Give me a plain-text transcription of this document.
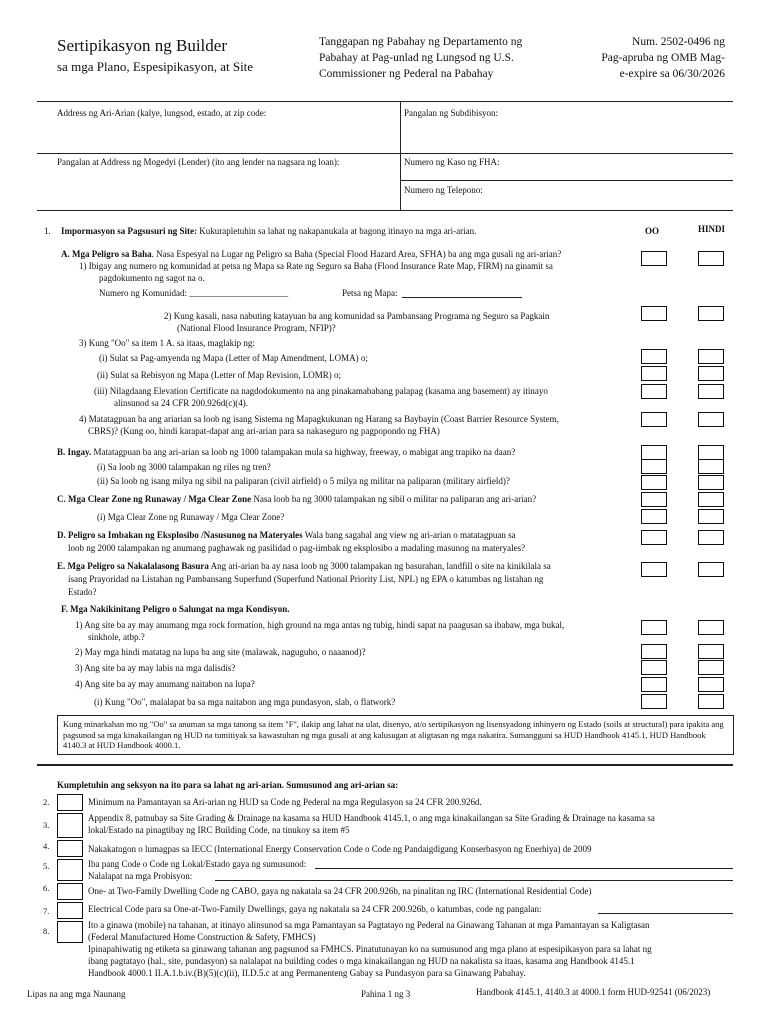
Sertipikasyon ng Builder
sa mga Plano, Espesipikasyon, at Site
Tanggapan ng Pabahay ng Departamento ng
Pabahay at Pag-unlad ng Lungsod ng U.S.
Commissioner ng Pederal na Pabahay
Num. 2502-0496 ng
Pag-apruba ng OMB Mag-
e-expire sa 06/30/2026
Address ng Ari-Arian (kalye, lungsod, estado, at zip code:	Pangalan ng Subdibisyon:
Pangalan at Address ng Mogedyi (Lender) (ito ang lender na nagsara ng loan):	Numero ng Kaso ng FHA:
Numero ng Telepono:
1. Impormasyon sa Pagsusuri ng Site: Kukurapletuhin sa lahat ng nakapanukala at bagong itinayo na mga ari-arian.	OO	HINDI
A. Mga Peligro sa Baha. Nasa Espesyal na Lugar ng Peligro sa Baha (Special Flood Hazard Area, SFHA) ba ang mga gusali ng ari-arian?
1) Ibigay ang numero ng komunidad at petsa ng Mapa sa Rate ng Seguro sa Baha (Flood Insurance Rate Map, FIRM) na ginamit sa
pagdokumento ng sagot na o.
Numero ng Komunidad: ______________________	Petsa ng Mapa:
2) Kung kasali, nasa nabuting katayuan ba ang komunidad sa Pambansang Programa ng Seguro sa Pagkain
(National Flood Insurance Program, NFIP)?
3) Kung "Oo" sa item 1 A. sa itaas, maglakip ng:
(i) Sulat sa Pag-amyenda ng Mapa (Letter of Map Amendment, LOMA) o;
(ii) Sulat sa Rebisyon ng Mapa (Letter of Map Revision, LOMR) o;
(iii) Nilagdaang Elevation Certificate na nagdodokumento na ang pinakamababang palapag (kasama ang basement) ay itinayo
alinsunod sa 24 CFR 200.926d(c)(4).
4) Matatagpuan ba ang ariarian sa loob ng isang Sistema ng Mapagkukunan ng Harang sa Baybayin (Coast Barrier Resource System,
CBRS)? (Kung oo, hindi karapat-dapat ang ari-arian para sa nakaseguro ng pagpopondo ng FHA)
B. Ingay. Matatagpuan ba ang ari-arian sa loob ng 1000 talampakan mula sa highway, freeway, o mabigat ang trapiko na daan?
(i) Sa loob ng 3000 talampakan ng riles ng tren?
(ii) Sa loob ng isang milya ng sibil na paliparan (civil airfield) o 5 milya ng militar na paliparan (military airfield)?
C. Mga Clear Zone ng Runaway / Mga Clear Zone Nasa loob ba ng 3000 talampakan ng sibil o militar na paliparan ang ari-arian?
(i) Mga Clear Zone ng Runaway / Mga Clear Zone?
D. Peligro sa Imbakan ng Eksplosibo /Nasusunog na Materyales Wala bang sagabal ang view ng ari-arian o matatagpuan sa
loob ng 2000 talampakan ng anumang paghawak ng pasilidad o pag-iimbak ng eksplosibo a madaling masunog na materyales?
E. Mga Peligro sa Nakalalasong Basura Ang ari-arian ba ay nasa loob ng 3000 talampakan ng basurahan, landfill o site na kinikilala sa
isang Prayoridad na Listahan ng Pambansang Superfund (Superfund National Priority List, NPL) ng EPA o katumbas ng listahan ng
Estado?
F. Mga Nakikinitang Peligro o Salungat na mga Kondisyon.
1) Ang site ba ay may anumang mga rock formation, high ground na mga antas ng tubig, hindi sapat na paagusan sa ibabaw, mga bukal,
sinkhole, atbp.?
2) May mga hindi matatag na lupa ba ang site (malawak, naguguho, o naaanod)?
3) Ang site ba ay may labis na mga dalisdis?
4) Ang site ba ay may anumang naitabon na lupa?
(i) Kung "Oo", malalapat ba sa mga naitabon ang mga pundasyon, slab, o flatwork?
Kung minarkahan mo ng "Oo" sa anuman sa mga tanong sa item "F", ilakip ang lahat na ulat, disenyo, at/o sertipikasyon ng lisensyadong inhinyero ng Estado (soils at structural) para ipakita ang pagsunod sa mga kinakailangan ng HUD na tumitiyak sa kawastuhan ng mga gusali at ang kalusugan at aligtasan ng mga nakatira. Sumangguni sa HUD Handbook 4145.1, HUD Handbook 4140.3 at HUD Handbook 4000.1.
Kumpletuhin ang seksyon na ito para sa lahat ng ari-arian. Sumusunod ang ari-arian sa:
2.	Minimum na Pamantayan sa Ari-arian ng HUD sa Code ng Pederal na mga Regulasyon sa 24 CFR 200.926d.
3.
Appendix 8, patnubay sa Site Grading & Drainage na kasama sa HUD Handbook 4145.1, o ang mga kinakailangan sa Site Grading & Drainage na kasama sa
lokal/Estado na pinagtibay ng IRC Building Code, na tinukoy sa item #5
4.	Nakakatugon o lumagpas sa IECC (International Energy Conservation Code o Code ng Pandaigdigang Konserbasyon ng Enerhiya) de 2009
5.	Iba pang Code o Code ng Lokal/Estado gaya ng sumusunod:
Nalalapat na mga Probisyon:
6.	One- at Two-Family Dwelling Code ng CABO, gaya ng nakatala sa 24 CFR 200.926b, na pinalitan ng IRC (International Residential Code)
7.	Electrical Code para sa One-at-Two-Family Dwellings, gaya ng nakatala sa 24 CFR 200.926b, o katumbas, code ng pangalan:
8.
Ito a ginawa (mobile) na tahanan, at itinayo alinsunod sa mga Pamantayan sa Pagtatayo ng Pederal na Ginawang Tahanan at mga Pamantayan sa Kaligtasan
(Federal Manufactured Home Construction & Safety, FMHCS)
Ipinapahiwatig ng etiketa sa ginawang tahanan ang pagsunod sa FMHCS. Pinatutunayan ko na sumusunod ang mga plano at espesipikasyon para sa lahat ng
ibang pagtatayo (hal., site, pundasyon) sa nalalapat na building codes o mga kinakailangan ng HUD na nakalista sa itaas, kasama ang Handbook 4145.1
Handbook 4000.1 II.A.1.b.iv.(B)(5)(c)(ii), II.D.5.c at ang Permanenteng Gabay sa Pundasyon para sa Ginawang Pabahay.
Lipas na ang mga Naunang	Pahina 1 ng 3	Handbook 4145.1, 4140.3 at 4000.1 form HUD-92541 (06/2023)
